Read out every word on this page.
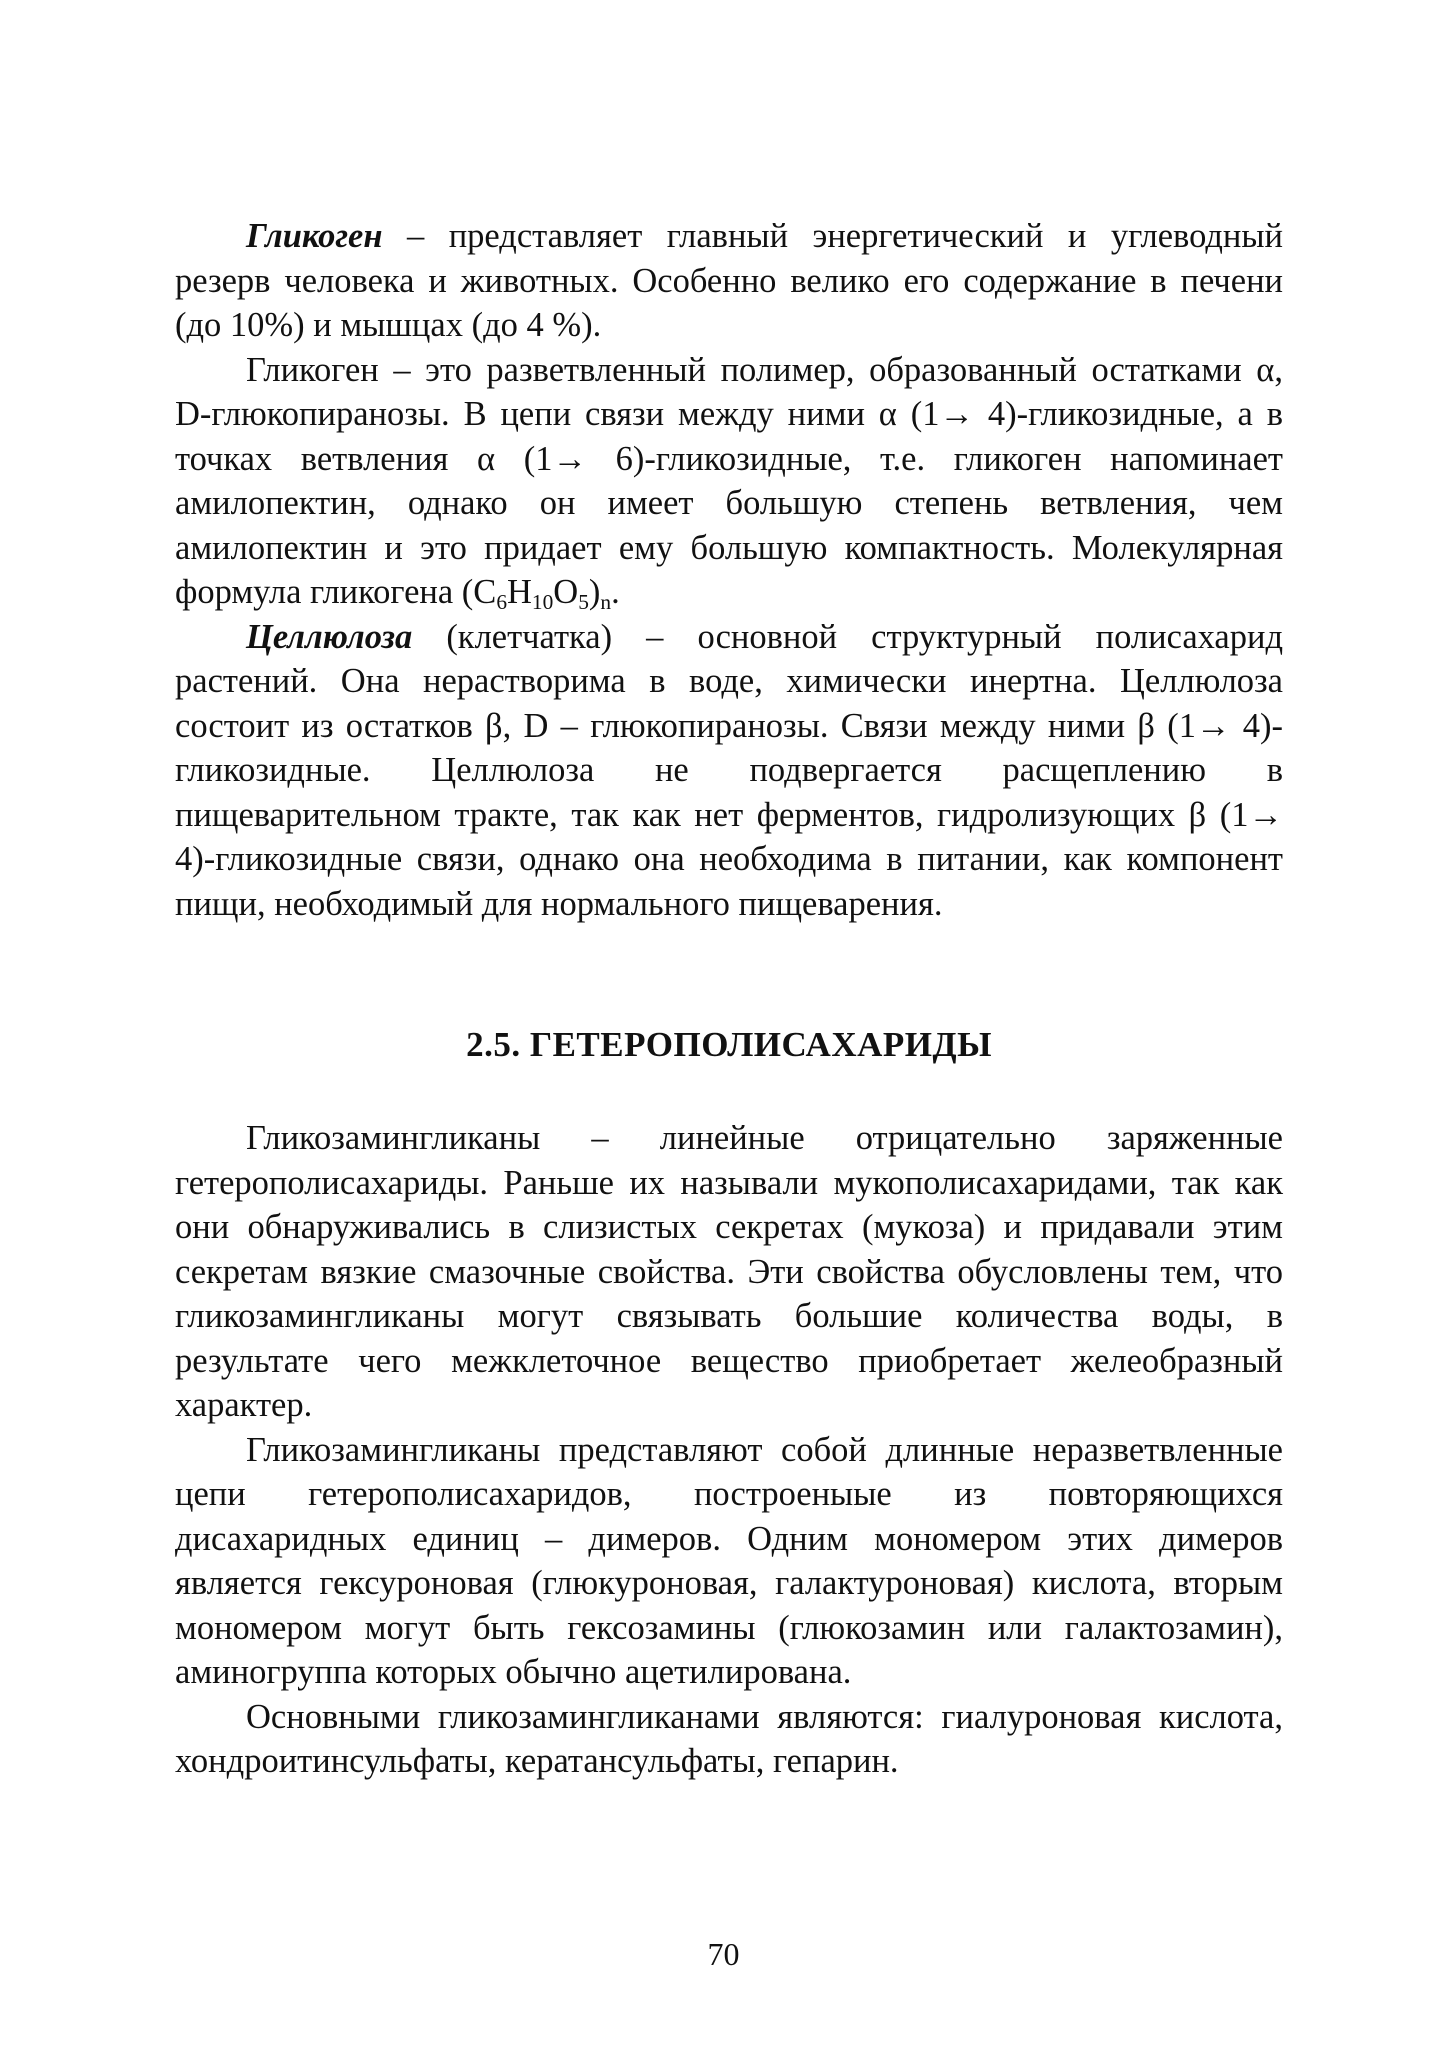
Гликоген – представляет главный энергетический и углеводный резерв человека и животных. Особенно велико его содержание в печени (до 10%) и мышцах (до 4 %).

Гликоген – это разветвленный полимер, образованный остатками α, D-глюкопиранозы. В цепи связи между ними α (1→ 4)-гликозидные, а в точках ветвления α (1→ 6)-гликозидные, т.е. гликоген напоминает амилопектин, однако он имеет большую степень ветвления, чем амилопектин и это придает ему большую компактность. Молекулярная формула гликогена $(C_6H_{10}O_5)_n$.

Целлюлоза (клетчатка) – основной структурный полисахарид растений. Она нерастворима в воде, химически инертна. Целлюлоза состоит из остатков β, D – глюкопиранозы. Связи между ними β (1→ 4)-гликозидные. Целлюлоза не подвергается расщеплению в пищеварительном тракте, так как нет ферментов, гидролизующих β (1→ 4)-гликозидные связи, однако она необходима в питании, как компонент пищи, необходимый для нормального пищеварения.

2.5. ГЕТЕРОПОЛИСАХАРИДЫ

Гликозамингликаны – линейные отрицательно заряженные гетерополисахариды. Раньше их называли мукополисахаридами, так как они обнаруживались в слизистых секретах (мукоза) и придавали этим секретам вязкие смазочные свойства. Эти свойства обусловлены тем, что гликозамингликаны могут связывать большие количества воды, в результате чего межклеточное вещество приобретает желеобразный характер.

Гликозамингликаны представляют собой длинные неразветвленные цепи гетерополисахаридов, построеныые из повторяющихся дисахаридных единиц – димеров. Одним мономером этих димеров является гексуроновая (глюкуроновая, галактуроновая) кислота, вторым мономером могут быть гексозамины (глюкозамин или галактозамин), аминогруппа которых обычно ацетилирована.

Основными гликозамингликанами являются: гиалуроновая кислота, хондроитинсульфаты, кератансульфаты, гепарин.

70
